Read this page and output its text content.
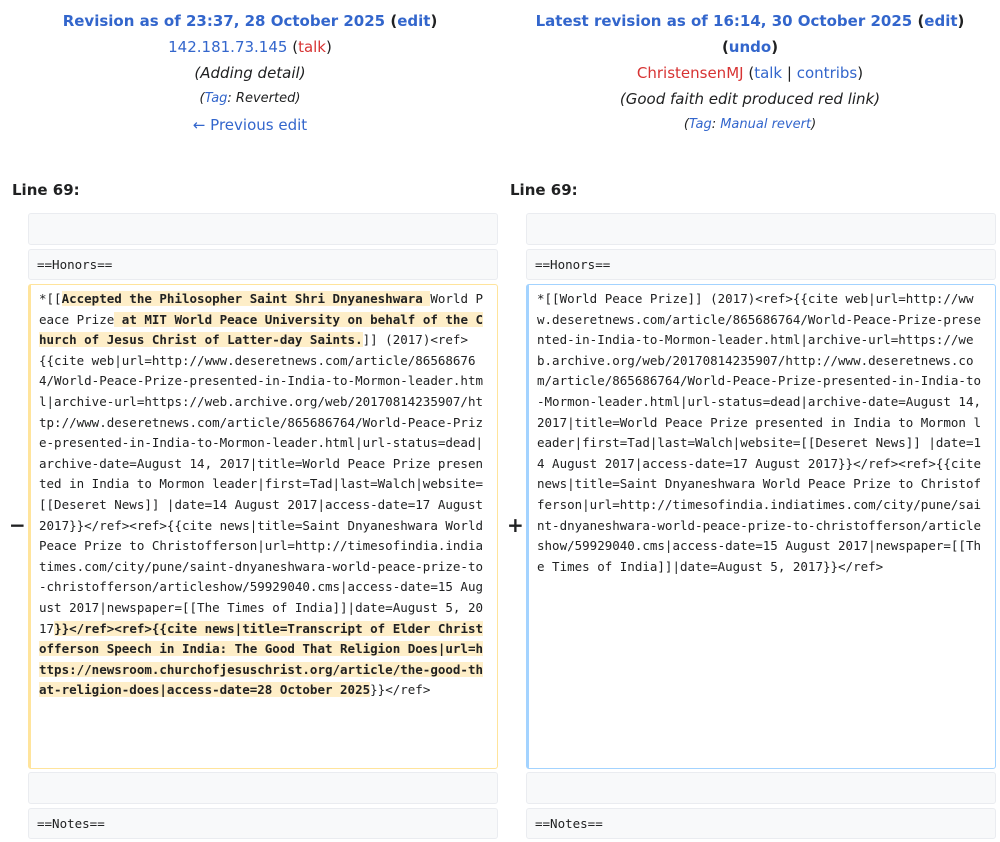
Revision as of 23:37, 28 October 2025 (edit)
142.181.73.145 (talk)
(Adding detail)
(Tag: Reverted)
← Previous edit
Latest revision as of 16:14, 30 October 2025 (edit)
(undo)
ChristensenMJ (talk | contribs)
(Good faith edit produced red link)
(Tag: Manual revert)
Line 69:	Line 69:
==Honors==	==Honors==
−
*[[Accepted the Philosopher Saint Shri Dnyaneshwara World Peace Prize at MIT World Peace University on behalf of the Church of Jesus Christ of Latter-day Saints.]] (2017)<ref>{{cite web|url=http://www.deseretnews.com/article/865686764/World-Peace-Prize-presented-in-India-to-Mormon-leader.html|archive-url=https://web.archive.org/web/20170814235907/http://www.deseretnews.com/article/865686764/World-Peace-Prize-presented-in-India-to-Mormon-leader.html|url-status=dead|archive-date=August 14, 2017|title=World Peace Prize presented in India to Mormon leader|first=Tad|last=Walch|website=[[Deseret News]] |date=14 August 2017|access-date=17 August 2017}}</ref><ref>{{cite news|title=Saint Dnyaneshwara World Peace Prize to Christofferson|url=http://timesofindia.indiatimes.com/city/pune/saint-dnyaneshwara-world-peace-prize-to-christofferson/articleshow/59929040.cms|access-date=15 August 2017|newspaper=[[The Times of India]]|date=August 5, 2017}}</ref><ref>{{cite news|title=Transcript of Elder Christofferson Speech in India: The Good That Religion Does|url=https://newsroom.churchofjesuschrist.org/article/the-good-that-religion-does|access-date=28 October 2025}}</ref>
+
*[[World Peace Prize]] (2017)<ref>{{cite web|url=http://www.deseretnews.com/article/865686764/World-Peace-Prize-presented-in-India-to-Mormon-leader.html|archive-url=https://web.archive.org/web/20170814235907/http://www.deseretnews.com/article/865686764/World-Peace-Prize-presented-in-India-to-Mormon-leader.html|url-status=dead|archive-date=August 14, 2017|title=World Peace Prize presented in India to Mormon leader|first=Tad|last=Walch|website=[[Deseret News]] |date=14 August 2017|access-date=17 August 2017}}</ref><ref>{{cite news|title=Saint Dnyaneshwara World Peace Prize to Christofferson|url=http://timesofindia.indiatimes.com/city/pune/saint-dnyaneshwara-world-peace-prize-to-christofferson/articleshow/59929040.cms|access-date=15 August 2017|newspaper=[[The Times of India]]|date=August 5, 2017}}</ref>
==Notes==	==Notes==
